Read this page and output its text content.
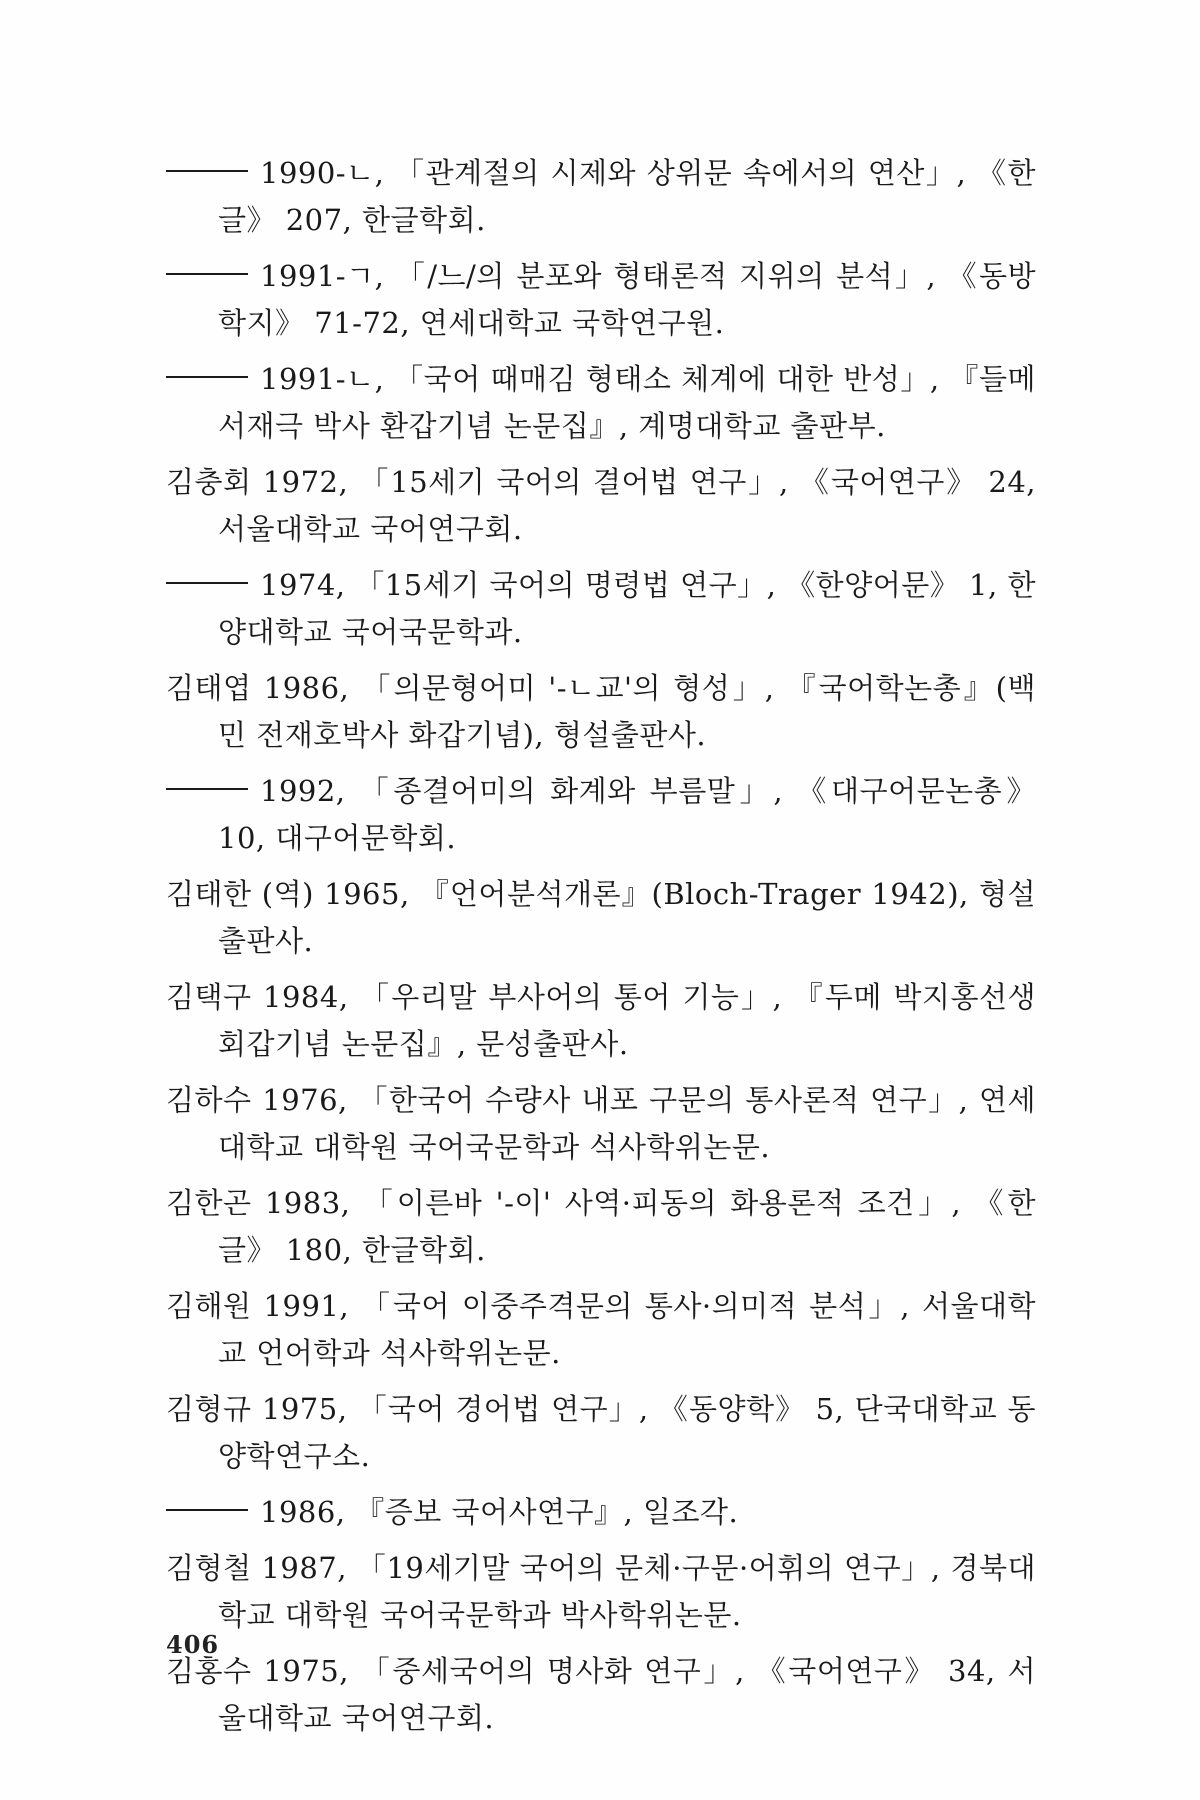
1990-ㄴ, 「관계절의 시제와 상위문 속에서의 연산」, 《한글》 207, 한글학회.

1991-ㄱ, 「/느/의 분포와 형태론적 지위의 분석」, 《동방학지》 71-72, 연세대학교 국학연구원.

1991-ㄴ, 「국어 때매김 형태소 체계에 대한 반성」, 『들메 서재극 박사 환갑기념 논문집』, 계명대학교 출판부.

김충회 1972, 「15세기 국어의 결어법 연구」, 《국어연구》 24, 서울대학교 국어연구회.

1974, 「15세기 국어의 명령법 연구」, 《한양어문》 1, 한양대학교 국어국문학과.

김태엽 1986, 「의문형어미 '-ㄴ교'의 형성」, 『국어학논총』(백민 전재호박사 화갑기념), 형설출판사.

1992, 「종결어미의 화계와 부름말」, 《대구어문논총》 10, 대구어문학회.

김태한 (역) 1965, 『언어분석개론』(Bloch-Trager 1942), 형설출판사.

김택구 1984, 「우리말 부사어의 통어 기능」, 『두메 박지홍선생 회갑기념 논문집』, 문성출판사.

김하수 1976, 「한국어 수량사 내포 구문의 통사론적 연구」, 연세대학교 대학원 국어국문학과 석사학위논문.

김한곤 1983, 「이른바 '-이' 사역·피동의 화용론적 조건」, 《한글》 180, 한글학회.

김해원 1991, 「국어 이중주격문의 통사·의미적 분석」, 서울대학교 언어학과 석사학위논문.

김형규 1975, 「국어 경어법 연구」, 《동양학》 5, 단국대학교 동양학연구소.

1986, 『증보 국어사연구』, 일조각.

김형철 1987, 「19세기말 국어의 문체·구문·어휘의 연구」, 경북대학교 대학원 국어국문학과 박사학위논문.

김홍수 1975, 「중세국어의 명사화 연구」, 《국어연구》 34, 서울대학교 국어연구회.

406
